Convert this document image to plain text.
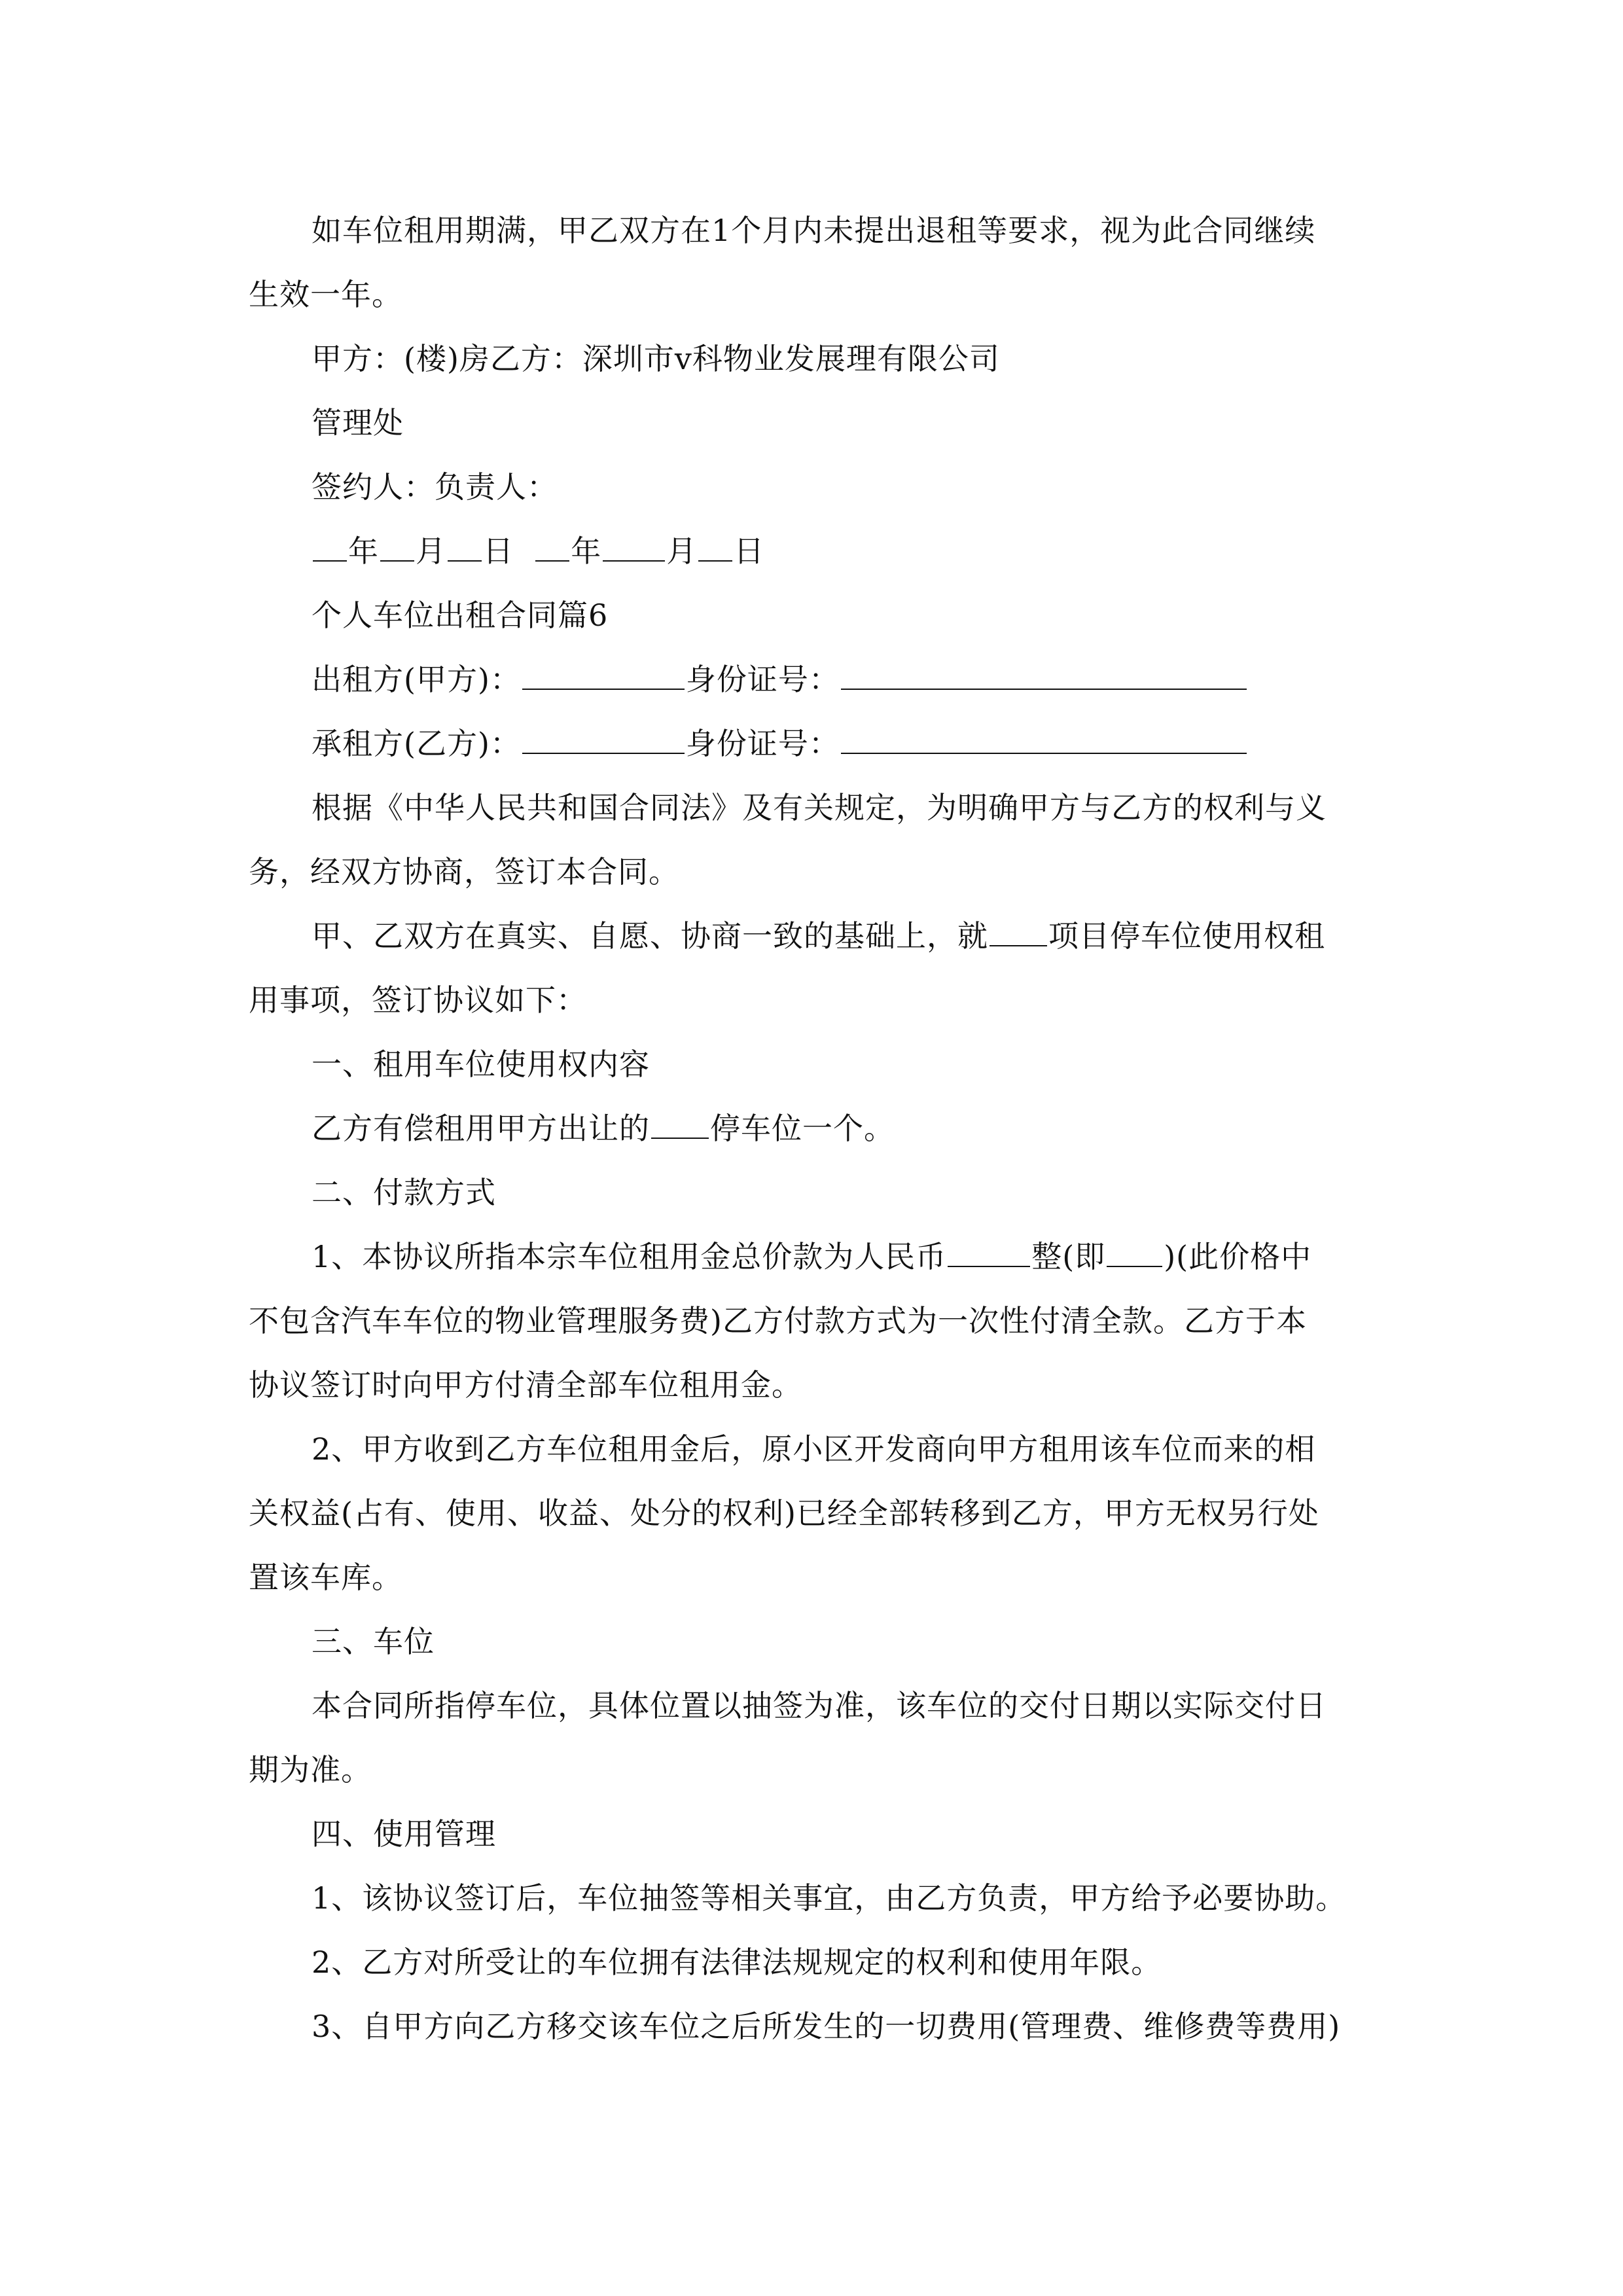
如车位租用期满，甲乙双方在1个月内未提出退租等要求，视为此合同继续
生效一年。
甲方：(楼)房乙方：深圳市v科物业发展理有限公司
管理处
签约人：负责人：
年 月 日 年 月 日
个人车位出租合同篇6
出租方(甲方)：	身份证号：
承租方(乙方)：	身份证号：
根据《中华人民共和国合同法》及有关规定，为明确甲方与乙方的权利与义
务，经双方协商，签订本合同。
甲、乙双方在真实、自愿、协商一致的基础上，就 项目停车位使用权租
用事项，签订协议如下：
一、租用车位使用权内容
乙方有偿租用甲方出让的 停车位一个。
二、付款方式
1、本协议所指本宗车位租用金总价款为人民币	整(即 )(此价格中
不包含汽车车位的物业管理服务费)乙方付款方式为一次性付清全款。乙方于本
协议签订时向甲方付清全部车位租用金。
2、甲方收到乙方车位租用金后，原小区开发商向甲方租用该车位而来的相
关权益(占有、使用、收益、处分的权利)已经全部转移到乙方，甲方无权另行处
置该车库。
三、车位
本合同所指停车位，具体位置以抽签为准，该车位的交付日期以实际交付日
期为准。
四、使用管理
1、该协议签订后，车位抽签等相关事宜，由乙方负责，甲方给予必要协助。
2、乙方对所受让的车位拥有法律法规规定的权利和使用年限。
3、自甲方向乙方移交该车位之后所发生的一切费用(管理费、维修费等费用)
